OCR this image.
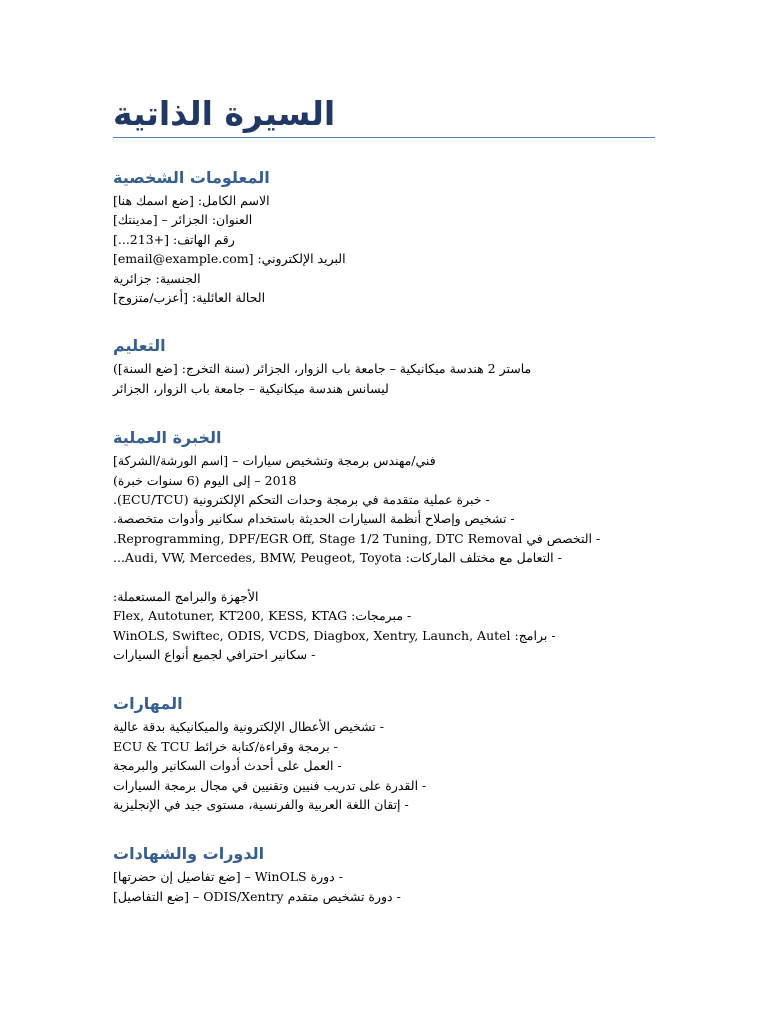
السيرة الذاتية
المعلومات الشخصية
الاسم الكامل: [ضع اسمك هنا]
العنوان: الجزائر – [مدينتك]
رقم الهاتف: [+213...]
البريد الإلكتروني: [email@example.com]
الجنسية: جزائرية
الحالة العائلية: [أعزب/متزوج]
التعليم
ماستر 2 هندسة ميكانيكية – جامعة باب الزوار، الجزائر (سنة التخرج: [ضع السنة])
ليسانس هندسة ميكانيكية – جامعة باب الزوار، الجزائر
الخبرة العملية
فني/مهندس برمجة وتشخيص سيارات – [اسم الورشة/الشركة]
2018 – إلى اليوم (6 سنوات خبرة)
- خبرة عملية متقدمة في برمجة وحدات التحكم الإلكترونية (ECU/TCU).
- تشخيص وإصلاح أنظمة السيارات الحديثة باستخدام سكانير وأدوات متخصصة.
- التخصص في Reprogramming, DPF/EGR Off, Stage 1/2 Tuning, DTC Removal.
- التعامل مع مختلف الماركات: Audi, VW, Mercedes, BMW, Peugeot, Toyota...
الأجهزة والبرامج المستعملة:
- مبرمجات: Flex, Autotuner, KT200, KESS, KTAG
- برامج: WinOLS, Swiftec, ODIS, VCDS, Diagbox, Xentry, Launch, Autel
- سكانير احترافي لجميع أنواع السيارات
المهارات
- تشخيص الأعطال الإلكترونية والميكانيكية بدقة عالية
- برمجة وقراءة/كتابة خرائط ECU & TCU
- العمل على أحدث أدوات السكانير والبرمجة
- القدرة على تدريب فنيين وتقنيين في مجال برمجة السيارات
- إتقان اللغة العربية والفرنسية، مستوى جيد في الإنجليزية
الدورات والشهادات
- دورة WinOLS – [ضع تفاصيل إن حضرتها]
- دورة تشخيص متقدم ODIS/Xentry – [ضع التفاصيل]
